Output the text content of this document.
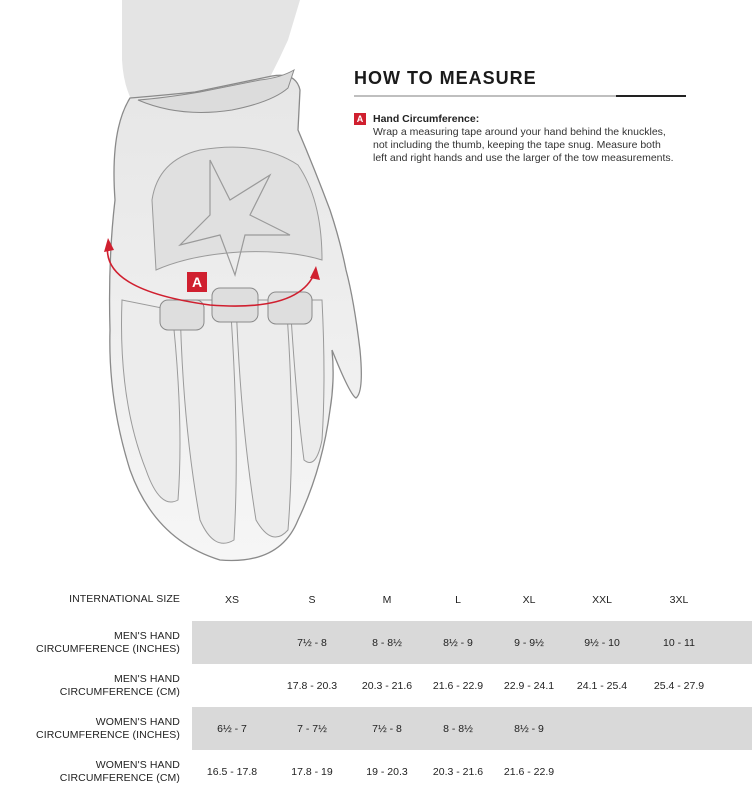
A
HOW TO MEASURE
A Hand Circumference:
Wrap a measuring tape around your hand behind the knuckles,
not including the thumb, keeping the tape snug. Measure both
left and right hands and use the larger of the tow measurements.
INTERNATIONAL SIZE		XS	S	M	L	XL	XXL	3XL	
MEN'S HAND
CIRCUMFERENCE (INCHES)			7½ - 8	8 - 8½	8½ - 9	9 - 9½	9½ - 10	10 - 11	
MEN'S HAND
CIRCUMFERENCE (CM)			17.8 - 20.3	20.3 - 21.6	21.6 - 22.9	22.9 - 24.1	24.1 - 25.4	25.4 - 27.9	
WOMEN'S HAND
CIRCUMFERENCE (INCHES)		6½ - 7	7 - 7½	7½ - 8	8 - 8½	8½ - 9			
WOMEN'S HAND
CIRCUMFERENCE (CM)		16.5 - 17.8	17.8 - 19	19 - 20.3	20.3 - 21.6	21.6 - 22.9			
